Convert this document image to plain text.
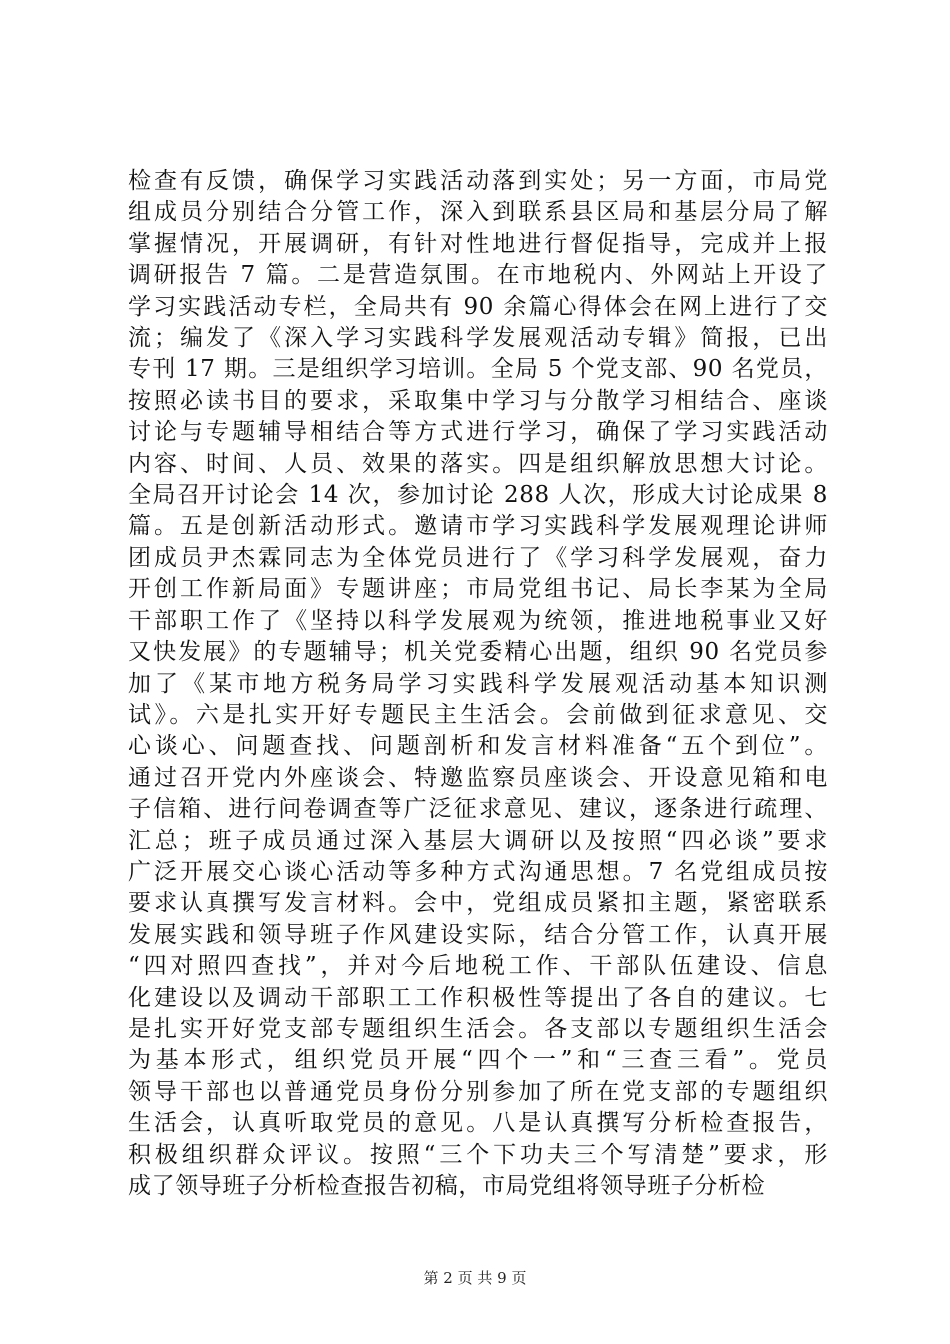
检查有反馈，确保学习实践活动落到实处；另一方面，市局党
组成员分别结合分管工作，深入到联系县区局和基层分局了解
掌握情况，开展调研，有针对性地进行督促指导，完成并上报
调研报告 7 篇。二是营造氛围。在市地税内、外网站上开设了
学习实践活动专栏，全局共有 90 余篇心得体会在网上进行了交
流；编发了《深入学习实践科学发展观活动专辑》简报，已出
专刊 17 期。三是组织学习培训。全局 5 个党支部、90 名党员，
按照必读书目的要求，采取集中学习与分散学习相结合、座谈
讨论与专题辅导相结合等方式进行学习，确保了学习实践活动
内容、时间、人员、效果的落实。四是组织解放思想大讨论。
全局召开讨论会 14 次，参加讨论 288 人次，形成大讨论成果 8
篇。五是创新活动形式。邀请市学习实践科学发展观理论讲师
团成员尹杰霖同志为全体党员进行了《学习科学发展观，奋力
开创工作新局面》专题讲座；市局党组书记、局长李某为全局
干部职工作了《坚持以科学发展观为统领，推进地税事业又好
又快发展》的专题辅导；机关党委精心出题，组织 90 名党员参
加了《某市地方税务局学习实践科学发展观活动基本知识测
试》。六是扎实开好专题民主生活会。会前做到征求意见、交
心谈心、问题查找、问题剖析和发言材料准备“五个到位”。
通过召开党内外座谈会、特邀监察员座谈会、开设意见箱和电
子信箱、进行问卷调查等广泛征求意见、建议，逐条进行疏理、
汇总；班子成员通过深入基层大调研以及按照“四必谈”要求
广泛开展交心谈心活动等多种方式沟通思想。7 名党组成员按
要求认真撰写发言材料。会中，党组成员紧扣主题，紧密联系
发展实践和领导班子作风建设实际，结合分管工作，认真开展
“四对照四查找”，并对今后地税工作、干部队伍建设、信息
化建设以及调动干部职工工作积极性等提出了各自的建议。七
是扎实开好党支部专题组织生活会。各支部以专题组织生活会
为基本形式，组织党员开展“四个一”和“三查三看”。党员
领导干部也以普通党员身份分别参加了所在党支部的专题组织
生活会，认真听取党员的意见。八是认真撰写分析检查报告，
积极组织群众评议。按照“三个下功夫三个写清楚”要求，形
成了领导班子分析检查报告初稿，市局党组将领导班子分析检
第 2 页 共 9 页
